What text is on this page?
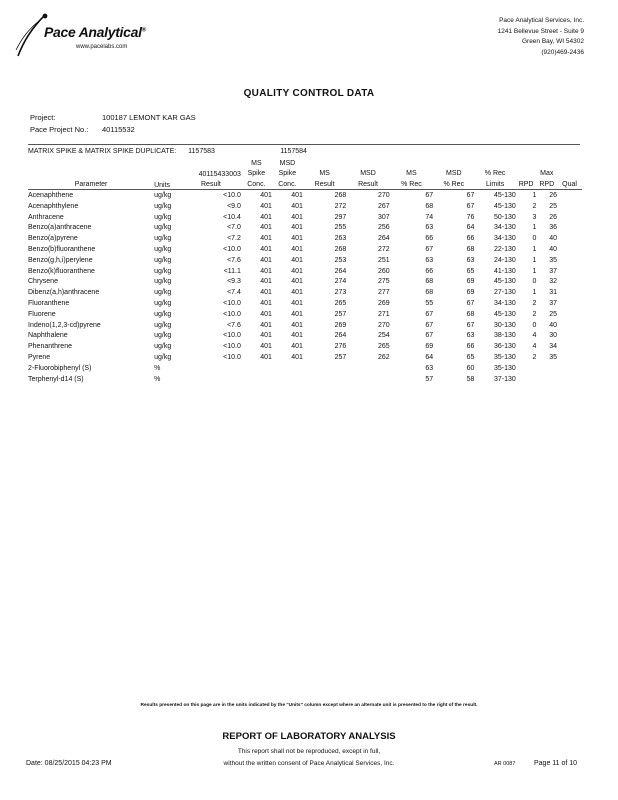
Pace Analytical®
www.pacelabs.com
Pace Analytical Services, Inc.
1241 Bellevue Street - Suite 9
Green Bay, WI 54302
(920)469-2436
QUALITY CONTROL DATA
Project:	100187 LEMONT KAR GAS
Pace Project No.: 40115532
MATRIX SPIKE & MATRIX SPIKE DUPLICATE: 1157583			1157584									
			MS	MSD								
		40115433003	Spike	Spike	MS	MSD	MS	MSD	% Rec		Max	
Parameter	Units	Result	Conc.	Conc.	Result	Result	% Rec	% Rec	Limits	RPD	RPD	Qual
Acenaphthene	ug/kg	<10.0	401	401	268	270	67	67	45-130	1	26	
Acenaphthylene	ug/kg	<9.0	401	401	272	267	68	67	45-130	2	25	
Anthracene	ug/kg	<10.4	401	401	297	307	74	76	50-130	3	26	
Benzo(a)anthracene	ug/kg	<7.0	401	401	255	256	63	64	34-130	1	36	
Benzo(a)pyrene	ug/kg	<7.2	401	401	263	264	66	66	34-130	0	40	
Benzo(b)fluoranthene	ug/kg	<10.0	401	401	268	272	67	68	22-130	1	40	
Benzo(g,h,i)perylene	ug/kg	<7.6	401	401	253	251	63	63	24-130	1	35	
Benzo(k)fluoranthene	ug/kg	<11.1	401	401	264	260	66	65	41-130	1	37	
Chrysene	ug/kg	<9.3	401	401	274	275	68	69	45-130	0	32	
Dibenz(a,h)anthracene	ug/kg	<7.4	401	401	273	277	68	69	27-130	1	31	
Fluoranthene	ug/kg	<10.0	401	401	265	269	55	67	34-130	2	37	
Fluorene	ug/kg	<10.0	401	401	257	271	67	68	45-130	2	25	
Indeno(1,2,3-cd)pyrene	ug/kg	<7.6	401	401	269	270	67	67	30-130	0	40	
Naphthalene	ug/kg	<10.0	401	401	264	254	67	63	38-130	4	30	
Phenanthrene	ug/kg	<10.0	401	401	276	265	69	66	36-130	4	34	
Pyrene	ug/kg	<10.0	401	401	257	262	64	65	35-130	2	35	
2-Fluorobiphenyl (S)	%						63	60	35-130			
Terphenyl-d14 (S)	%						57	58	37-130			
Results presented on this page are in the units indicated by the "Units" column except where an alternate unit is presented to the right of the result.
REPORT OF LABORATORY ANALYSIS
This report shall not be reproduced, except in full,
without the written consent of Pace Analytical Services, Inc.
Date: 08/25/2015 04:23 PM	AR 0087	Page 11 of 10
